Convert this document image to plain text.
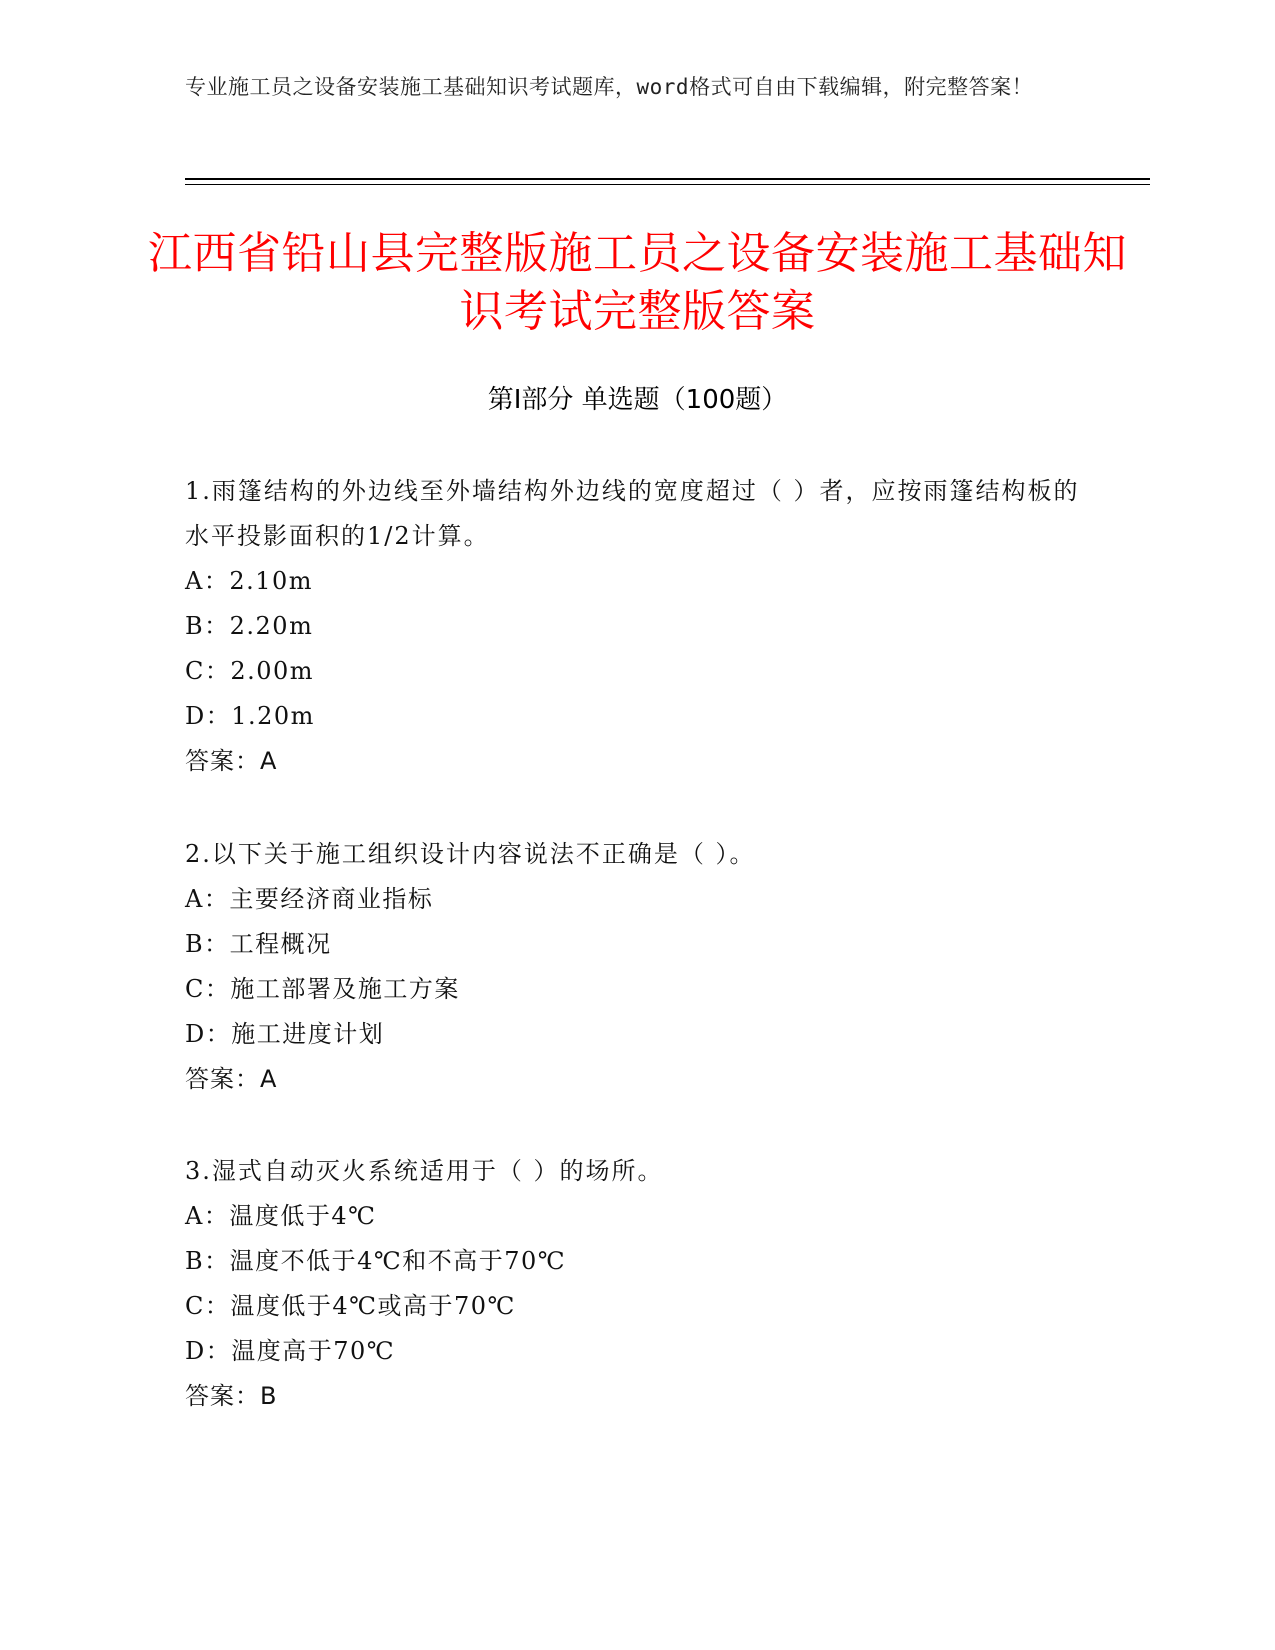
专业施工员之设备安装施工基础知识考试题库，word格式可自由下载编辑，附完整答案！
江西省铅山县完整版施工员之设备安装施工基础知识考试完整版答案
第I部分 单选题（100题）
1.雨篷结构的外边线至外墙结构外边线的宽度超过（ ）者，应按雨篷结构板的水平投影面积的1/2计算。
A：2.10m
B：2.20m
C：2.00m
D：1.20m
答案：A
2.以下关于施工组织设计内容说法不正确是（ ）。
A：主要经济商业指标
B：工程概况
C：施工部署及施工方案
D：施工进度计划
答案：A
3.湿式自动灭火系统适用于（ ）的场所。
A：温度低于4℃
B：温度不低于4℃和不高于70℃
C：温度低于4℃或高于70℃
D：温度高于70℃
答案：B
